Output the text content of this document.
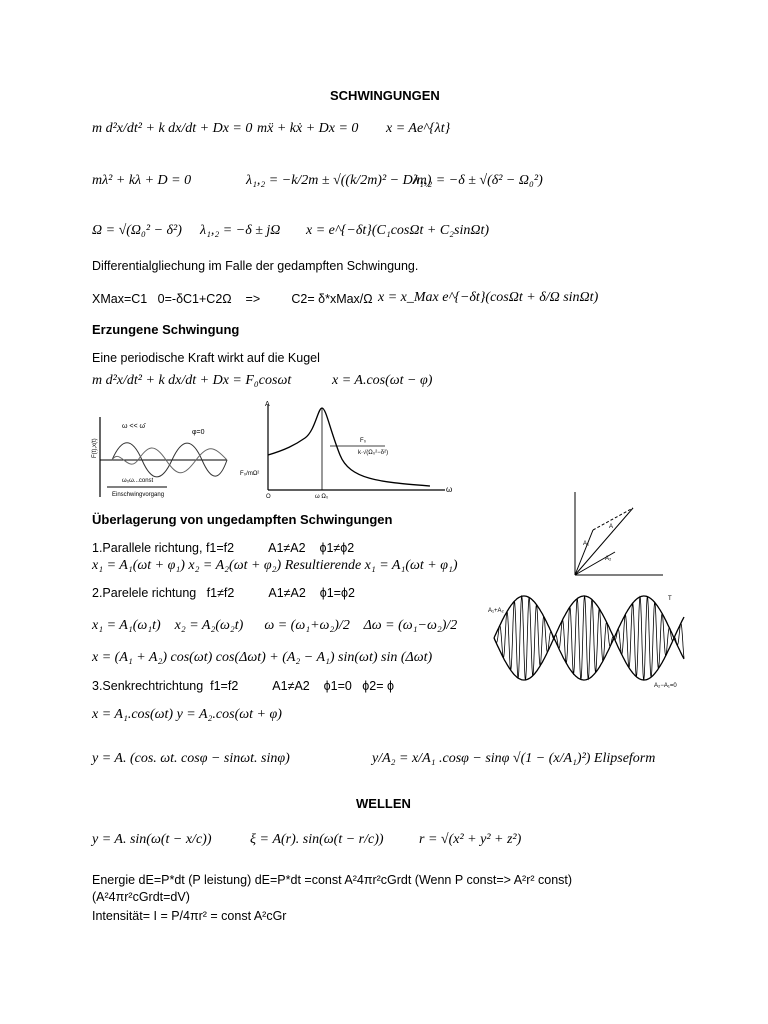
SCHWINGUNGEN
m d²x/dt² + k dx/dt + Dx = 0 mẍ + kẋ + Dx = 0 x = Ae^{λt}
mλ² + kλ + D = 0	λ₁,₂ = −k/2m ± √((k/2m)² − D/m)
λ₁,₂ = −δ ± √(δ² − Ω₀²)
Ω = √(Ω₀² − δ²) λ₁,₂ = −δ ± jΩ x = e^{−δt}(C₁cosΩt + C₂sinΩt)
Differentialgliechung im Falle der gedampften Schwingung.
XMax=C1   0=-δC1+C2Ω    =>         C2= δ*xMax/Ω x = x_Max e^{−δt}(cosΩt + δ/Ω sinΩt)
Erzungene Schwingung
Eine periodische Kraft wirkt auf die Kugel
m d²x/dt² + k dx/dt + Dx = F₀cosωt	x = A.cos(ωt − φ)
ω << ω̄
φ=0
Einschwingvorgang
ω₀ω...const
F(t),x(t)
A
F₀
k·√(Ω₀²−δ²)
F₀/mΩ²
O	ω Ω₀
ω
Überlagerung von ungedampften Schwingungen
A₁
A₂
A
1.Parallele richtung, f1=f2          A1≠A2    ϕ1≠ϕ2
x₁ = A₁(ωt + φ₁) x₂ = A₂(ωt + φ₂) Resultierende x₁ = A₁(ωt + φ₁)
2.Parelele richtung   f1≠f2          A1≠A2    ϕ1=ϕ2
x₁ = A₁(ω₁t)    x₂ = A₂(ω₂t)      ω = (ω₁+ω₂)/2    Δω = (ω₁−ω₂)/2
x = (A₁ + A₂) cos(ωt) cos(Δωt) + (A₂ − A₁) sin(ωt) sin (Δωt)
A₁+A₂
A₂−A₁=0
T
3.Senkrechtrichtung  f1=f2          A1≠A2    ϕ1=0   ϕ2= ϕ
x = A₁.cos(ωt) y = A₂.cos(ωt + φ)
y = A. (cos. ωt. cosφ − sinωt. sinφ)	y/A₂ = x/A₁ .cosφ − sinφ √(1 − (x/A₁)²) Elipseform
WELLEN
y = A. sin(ω(t − x/c))	ξ = A(r). sin(ω(t − r/c))	r = √(x² + y² + z²)
Energie dE=P*dt (P leistung) dE=P*dt =const A²4πr²cGrdt (Wenn P const=> A²r² const)
(A²4πr²cGrdt=dV)
Intensität= I = P/4πr² = const A²cGr
